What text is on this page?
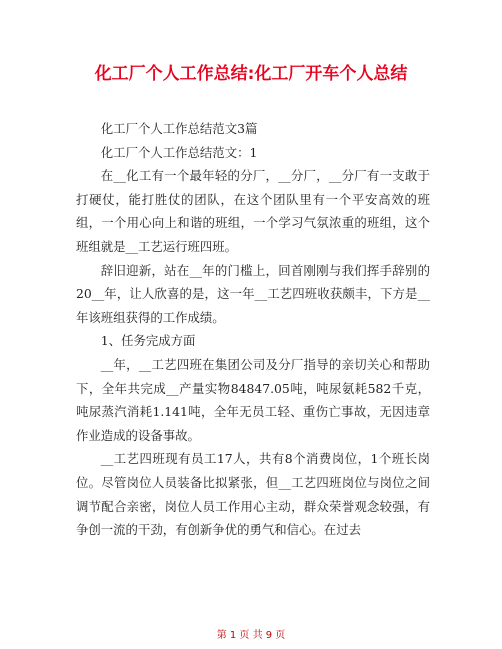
化工厂个人工作总结:化工厂开车个人总结

化工厂个人工作总结范文3篇

化工厂个人工作总结范文：1

在__化工有一个最年轻的分厂，__分厂，__分厂有一支敢于打硬仗，能打胜仗的团队，在这个团队里有一个平安高效的班组，一个用心向上和谐的班组，一个学习气氛浓重的班组，这个班组就是__工艺运行班四班。

辞旧迎新，站在__年的门槛上，回首刚刚与我们挥手辞别的20__年，让人欣喜的是，这一年__工艺四班收获颇丰，下方是__年该班组获得的工作成绩。

1、任务完成方面

__年，__工艺四班在集团公司及分厂指导的亲切关心和帮助下，全年共完成__产量实物84847.05吨，吨尿氨耗582千克，吨尿蒸汽消耗1.141吨，全年无员工轻、重伤亡事故，无因违章作业造成的设备事故。

__工艺四班现有员工17人，共有8个消费岗位，1个班长岗位。尽管岗位人员装备比拟紧张，但__工艺四班岗位与岗位之间调节配合亲密，岗位人员工作用心主动，群众荣誉观念较强，有争创一流的干劲，有创新争优的勇气和信心。在过去

第 1 页 共 9 页
